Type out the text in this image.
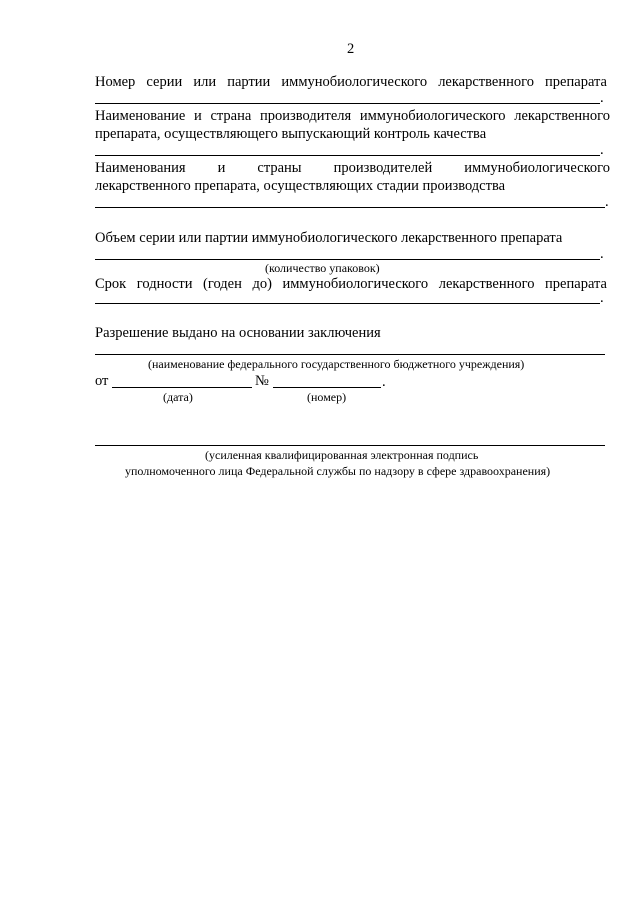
2
Номер серии или партии иммунобиологического лекарственного препарата
.
Наименование и страна производителя иммунобиологического лекарственного
препарата, осуществляющего выпускающий контроль качества
.
Наименования и страны производителей иммунобиологического
лекарственного препарата, осуществляющих стадии производства
.
Объем серии или партии иммунобиологического лекарственного препарата
.
(количество упаковок)
Срок годности (годен до) иммунобиологического лекарственного препарата
.
Разрешение выдано на основании заключения
(наименование федерального государственного бюджетного учреждения)
от	№	.
(дата)	(номер)
(усиленная квалифицированная электронная подпись
уполномоченного лица Федеральной службы по надзору в сфере здравоохранения)
